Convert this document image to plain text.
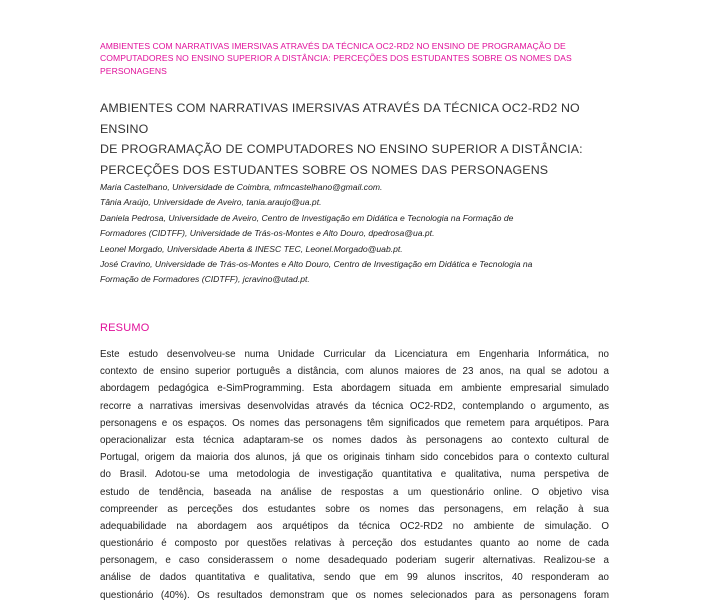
AMBIENTES COM NARRATIVAS IMERSIVAS ATRAVÉS DA TÉCNICA OC2-RD2 NO ENSINO DE PROGRAMAÇÃO DE
COMPUTADORES NO ENSINO SUPERIOR A DISTÂNCIA: PERCEÇÕES DOS ESTUDANTES SOBRE OS NOMES DAS
PERSONAGENS
AMBIENTES COM NARRATIVAS IMERSIVAS ATRAVÉS DA TÉCNICA OC2-RD2 NO ENSINO
DE PROGRAMAÇÃO DE COMPUTADORES NO ENSINO SUPERIOR A DISTÂNCIA:
PERCEÇÕES DOS ESTUDANTES SOBRE OS NOMES DAS PERSONAGENS
Maria Castelhano, Universidade de Coimbra, mfmcastelhano@gmail.com.
Tânia Araújo, Universidade de Aveiro, tania.araujo@ua.pt.
Daniela Pedrosa, Universidade de Aveiro, Centro de Investigação em Didática e Tecnologia na Formação de
Formadores (CIDTFF), Universidade de Trás-os-Montes e Alto Douro, dpedrosa@ua.pt.
Leonel Morgado, Universidade Aberta & INESC TEC, Leonel.Morgado@uab.pt.
José Cravino, Universidade de Trás-os-Montes e Alto Douro, Centro de Investigação em Didática e Tecnologia na
Formação de Formadores (CIDTFF), jcravino@utad.pt.
RESUMO
Este estudo desenvolveu-se numa Unidade Curricular da Licenciatura em Engenharia Informática, no
contexto de ensino superior português a distância, com alunos maiores de 23 anos, na qual se adotou a
abordagem pedagógica e-SimProgramming. Esta abordagem situada em ambiente empresarial simulado
recorre a narrativas imersivas desenvolvidas através da técnica OC2-RD2, contemplando o argumento, as
personagens e os espaços. Os nomes das personagens têm significados que remetem para arquétipos. Para
operacionalizar esta técnica adaptaram-se os nomes dados às personagens ao contexto cultural de
Portugal, origem da maioria dos alunos, já que os originais tinham sido concebidos para o contexto cultural
do Brasil. Adotou-se uma metodologia de investigação quantitativa e qualitativa, numa perspetiva de
estudo de tendência, baseada na análise de respostas a um questionário online. O objetivo visa
compreender as perceções dos estudantes sobre os nomes das personagens, em relação à sua
adequabilidade na abordagem aos arquétipos da técnica OC2-RD2 no ambiente de simulação. O
questionário é composto por questões relativas à perceção dos estudantes quanto ao nome de cada
personagem, e caso considerassem o nome desadequado poderiam sugerir alternativas. Realizou-se a
análise de dados quantitativa e qualitativa, sendo que em 99 alunos inscritos, 40 responderam ao
questionário (40%). Os resultados demonstram que os nomes selecionados para as personagens foram
